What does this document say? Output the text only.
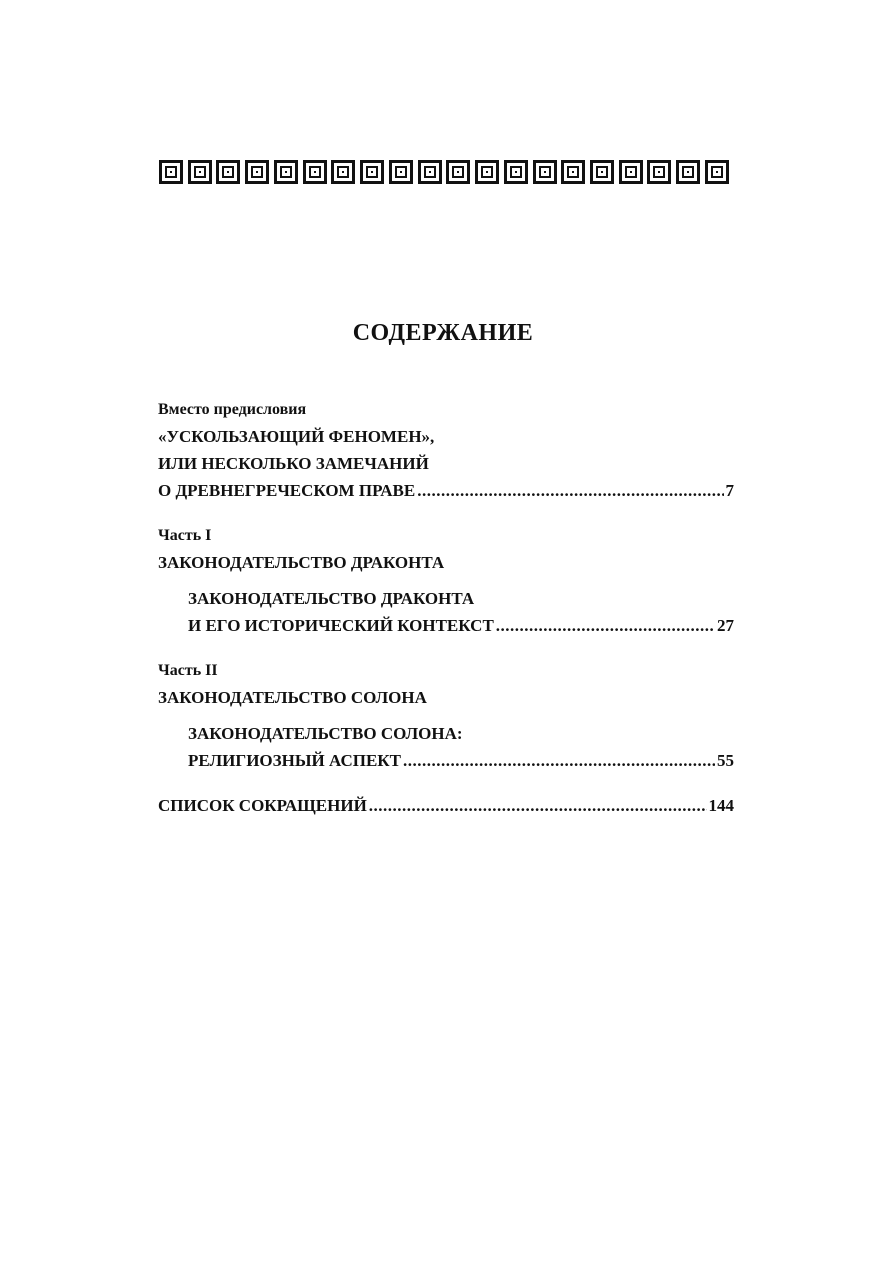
СОДЕРЖАНИЕ
Вместо предисловия
«УСКОЛЬЗАЮЩИЙ ФЕНОМЕН»,
ИЛИ НЕСКОЛЬКО ЗАМЕЧАНИЙ
О ДРЕВНЕГРЕЧЕСКОМ ПРАВЕ .....	7
Часть I
ЗАКОНОДАТЕЛЬСТВО ДРАКОНТА
ЗАКОНОДАТЕЛЬСТВО ДРАКОНТА
И ЕГО ИСТОРИЧЕСКИЙ КОНТЕКСТ .....	27
Часть II
ЗАКОНОДАТЕЛЬСТВО СОЛОНА
ЗАКОНОДАТЕЛЬСТВО СОЛОНА:
РЕЛИГИОЗНЫЙ АСПЕКТ .....	55
СПИСОК СОКРАЩЕНИЙ .....	144
